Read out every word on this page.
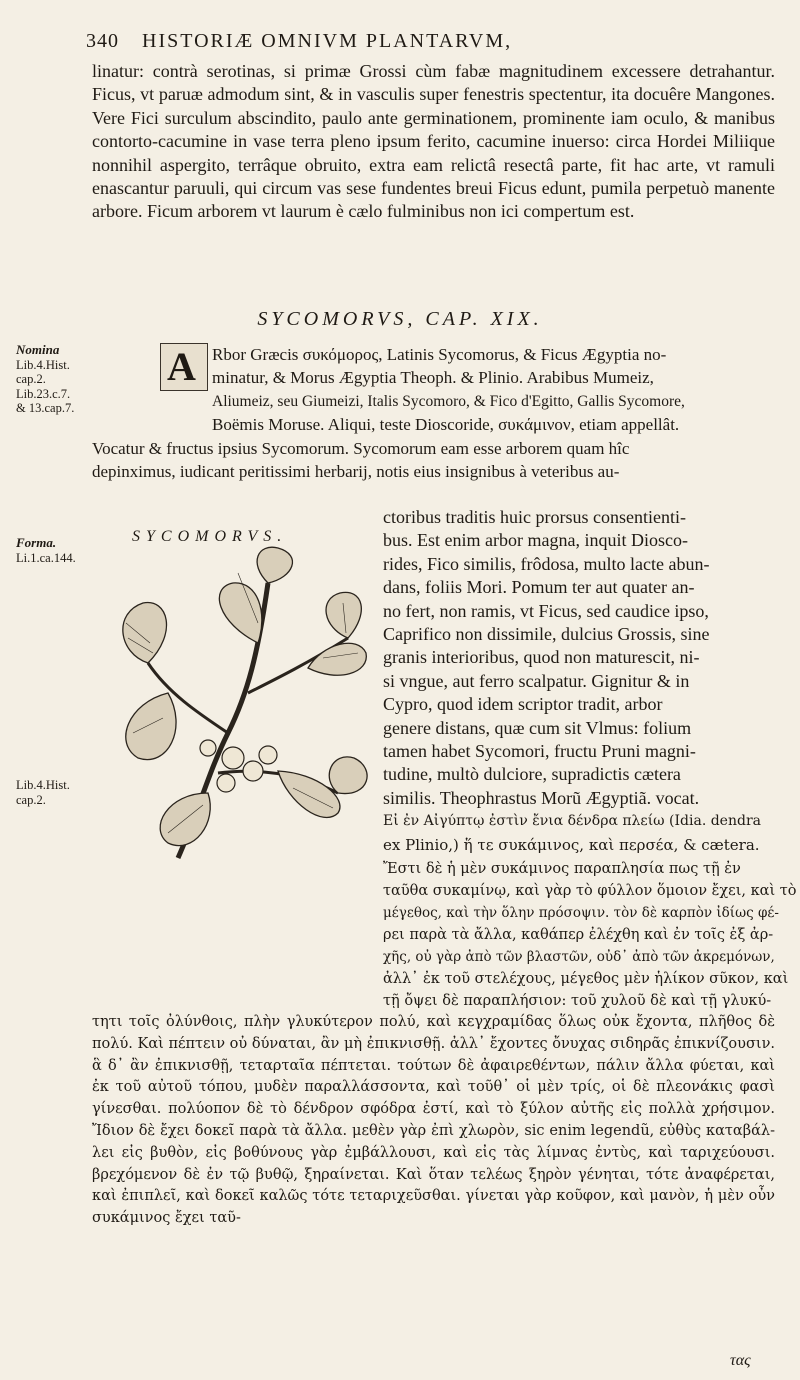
340 HISTORIÆ OMNIVM PLANTARVM,

linatur: contrà serotinas, si primæ Grossi cùm fabæ magnitudinem excessere detrahantur. Ficus, vt paruæ admodum sint, & in vasculis super fenestris spectentur, ita docuêre Mangones. Vere Fici surculum abscindito, paulo ante germinationem, prominente iam oculo, & manibus contorto-cacumine in vase terra pleno ipsum ferito, cacumine inuerso: circa Hordei Miliique nonnihil aspergito, terrâque obruito, extra eam relictâ resectâ parte, fit hac arte, vt ramuli enascantur paruuli, qui circum vas sese fundentes breui Ficus edunt, pumila perpetuò manente arbore. Ficum arborem vt laurum è cælo fulminibus non ici compertum est.

SYCOMORVS, CAP. XIX.
Nomina
Lib.4.Hist.
cap.2.
Lib.23.c.7.
& 13.cap.7.
Forma.
Li.1.ca.144.
Lib.4.Hist.
cap.2.
A Rbor Græcis συκόμορος, Latinis Sycomorus, & Ficus Ægyptia no-
minatur, & Morus Ægyptia Theoph. & Plinio. Arabibus Mumeiz,
Aliumeiz, seu Giumeizi, Italis Sycomoro, & Fico d'Egitto, Gallis Sycomore,
Boëmis Moruse. Aliqui, teste Dioscoride, συκάμινον, etiam appellât.
Vocatur & fructus ipsius Sycomorum. Sycomorum eam esse arborem quam hîc
depinximus, iudicant peritissimi herbarij, notis eius insignibus à veteribus au-
SYCOMORVS.
ctoribus traditis huic prorsus consentienti-
bus. Est enim arbor magna, inquit Diosco-
rides, Fico similis, frôdosa, multo lacte abun-
dans, foliis Mori. Pomum ter aut quater an-
no fert, non ramis, vt Ficus, sed caudice ipso,
Caprifico non dissimile, dulcius Grossis, sine
granis interioribus, quod non maturescit, ni-
si vngue, aut ferro scalpatur. Gignitur & in
Cypro, quod idem scriptor tradit, arbor
genere distans, quæ cum sit Vlmus: folium
tamen habet Sycomori, fructu Pruni magni-
tudine, multò dulciore, supradictis cætera
similis. Theophrastus Morũ Ægyptiã. vocat.
Εἰ ἐν Αἰγύπτῳ ἐστὶν ἔνια δένδρα πλείω (Idia. dendra
ex Plinio,) ἥ τε συκάμινος, καὶ περσέα, & cætera.
Ἔστι δὲ ἡ μὲν συκάμινος παραπλησία πως τῇ ἐν
ταῦθα συκαμίνῳ, καὶ γὰρ τὸ φύλλον ὅμοιον ἔχει, καὶ τὸ
μέγεθος, καὶ τὴν ὅλην πρόσοψιν. τὸν δὲ καρπὸν ἰδίως φέ-
ρει παρὰ τὰ ἄλλα, καθάπερ ἐλέχθη καὶ ἐν τοῖς ἐξ ἀρ-
χῆς, οὐ γὰρ ἀπὸ τῶν βλαστῶν, οὐδ᾽ ἀπὸ τῶν ἀκρεμόνων,
ἀλλ᾽ ἐκ τοῦ στελέχους, μέγεθος μὲν ἡλίκον σῦκον, καὶ
τῇ ὄψει δὲ παραπλήσιον: τοῦ χυλοῦ δὲ καὶ τῇ γλυκύ-

τητι τοῖς ὀλύνθοις, πλὴν γλυκύτερον πολύ, καὶ κεγχραμίδας ὅλως οὐκ ἔχοντα, πλῆθος δὲ πολύ. Καὶ πέπτειν οὐ δύναται, ἂν μὴ ἐπικνισθῇ. ἀλλ᾽ ἔχοντες ὄνυχας σιδηρᾶς ἐπικνίζουσιν. ἃ δ᾽ ἂν ἐπικνισθῇ, τεταρταῖα πέπτεται. τούτων δὲ ἀφαιρεθέντων, πάλιν ἄλλα φύεται, καὶ ἐκ τοῦ αὐτοῦ τόπου, μυδὲν παραλλάσσοντα, καὶ τοῦθ᾽ οἱ μὲν τρίς, οἱ δὲ πλεονάκις φασὶ γίνεσθαι. πολύοπον δὲ τὸ δένδρον σφόδρα ἐστί, καὶ τὸ ξύλον αὐτῆς εἰς πολλὰ χρήσιμον. Ἴδιον δὲ ἔχει δοκεῖ παρὰ τὰ ἄλλα. μεθὲν γὰρ ἐπὶ χλωρὸν, sic enim legendũ, εὐθὺς καταβάλλει εἰς βυθὸν, εἰς βοθύνους γὰρ ἐμβάλλουσι, καὶ εἰς τὰς λίμνας ἐντὺς, καὶ ταριχεύουσι. βρεχόμενον δὲ ἐν τῷ βυθῷ, ξηραίνεται. Καὶ ὅταν τελέως ξηρὸν γένηται, τότε ἀναφέρεται, καὶ ἐπιπλεῖ, καὶ δοκεῖ καλῶς τότε τεταριχεῦσθαι. γίνεται γὰρ κοῦφον, καὶ μανὸν, ἡ μὲν οὖν συκάμινος ἔχει ταῦ-

τας
